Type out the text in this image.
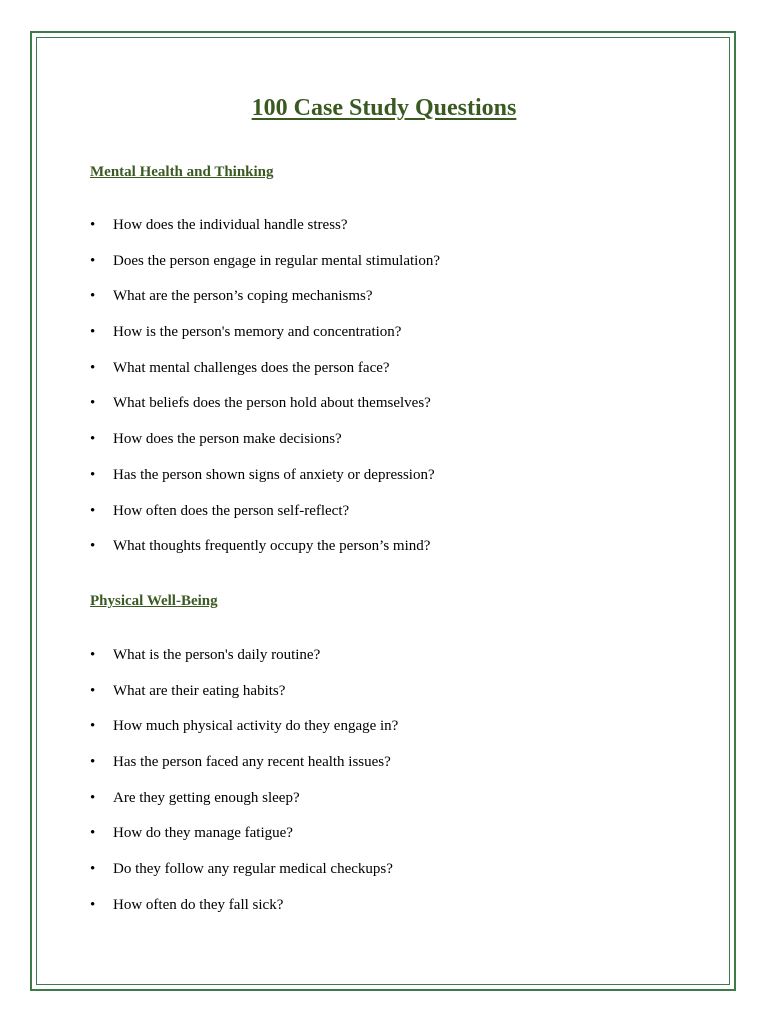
100 Case Study Questions
Mental Health and Thinking
• How does the individual handle stress?
• Does the person engage in regular mental stimulation?
• What are the person’s coping mechanisms?
• How is the person's memory and concentration?
• What mental challenges does the person face?
• What beliefs does the person hold about themselves?
• How does the person make decisions?
• Has the person shown signs of anxiety or depression?
• How often does the person self-reflect?
• What thoughts frequently occupy the person’s mind?
Physical Well-Being
• What is the person's daily routine?
• What are their eating habits?
• How much physical activity do they engage in?
• Has the person faced any recent health issues?
• Are they getting enough sleep?
• How do they manage fatigue?
• Do they follow any regular medical checkups?
• How often do they fall sick?
